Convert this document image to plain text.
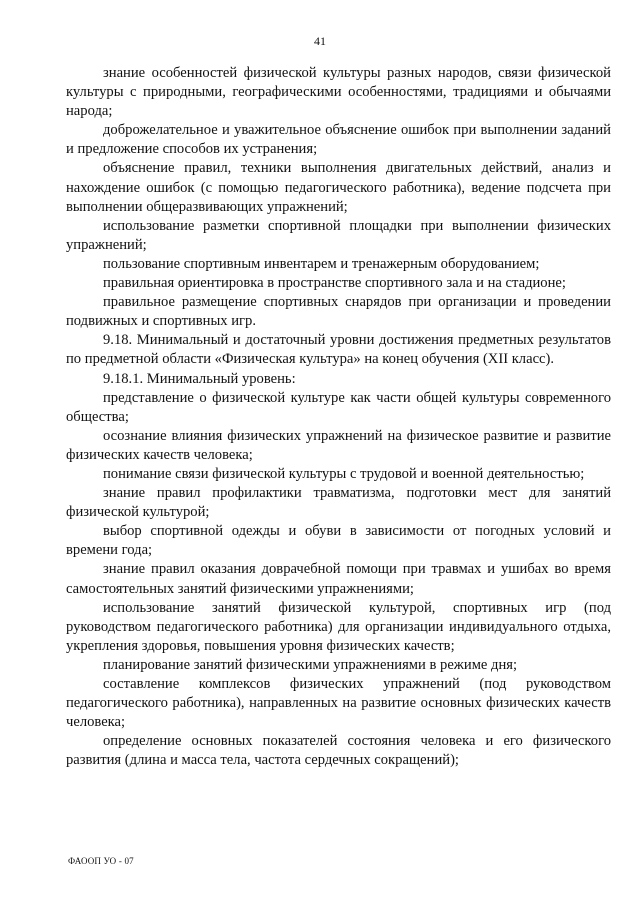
41

знание особенностей физической культуры разных народов, связи физической культуры с природными, географическими особенностями, традициями и обычаями народа;

доброжелательное и уважительное объяснение ошибок при выполнении заданий и предложение способов их устранения;

объяснение правил, техники выполнения двигательных действий, анализ и нахождение ошибок (с помощью педагогического работника), ведение подсчета при выполнении общеразвивающих упражнений;

использование разметки спортивной площадки при выполнении физических упражнений;

пользование спортивным инвентарем и тренажерным оборудованием;

правильная ориентировка в пространстве спортивного зала и на стадионе;

правильное размещение спортивных снарядов при организации и проведении подвижных и спортивных игр.

9.18. Минимальный и достаточный уровни достижения предметных результатов по предметной области «Физическая культура» на конец обучения (XII класс).

9.18.1. Минимальный уровень:

представление о физической культуре как части общей культуры современного общества;

осознание влияния физических упражнений на физическое развитие и развитие физических качеств человека;

понимание связи физической культуры с трудовой и военной деятельностью;

знание правил профилактики травматизма, подготовки мест для занятий физической культурой;

выбор спортивной одежды и обуви в зависимости от погодных условий и времени года;

знание правил оказания доврачебной помощи при травмах и ушибах во время самостоятельных занятий физическими упражнениями;

использование занятий физической культурой, спортивных игр (под руководством педагогического работника) для организации индивидуального отдыха, укрепления здоровья, повышения уровня физических качеств;

планирование занятий физическими упражнениями в режиме дня;

составление комплексов физических упражнений (под руководством педагогического работника), направленных на развитие основных физических качеств человека;

определение основных показателей состояния человека и его физического развития (длина и масса тела, частота сердечных сокращений);

ФАООП УО - 07
